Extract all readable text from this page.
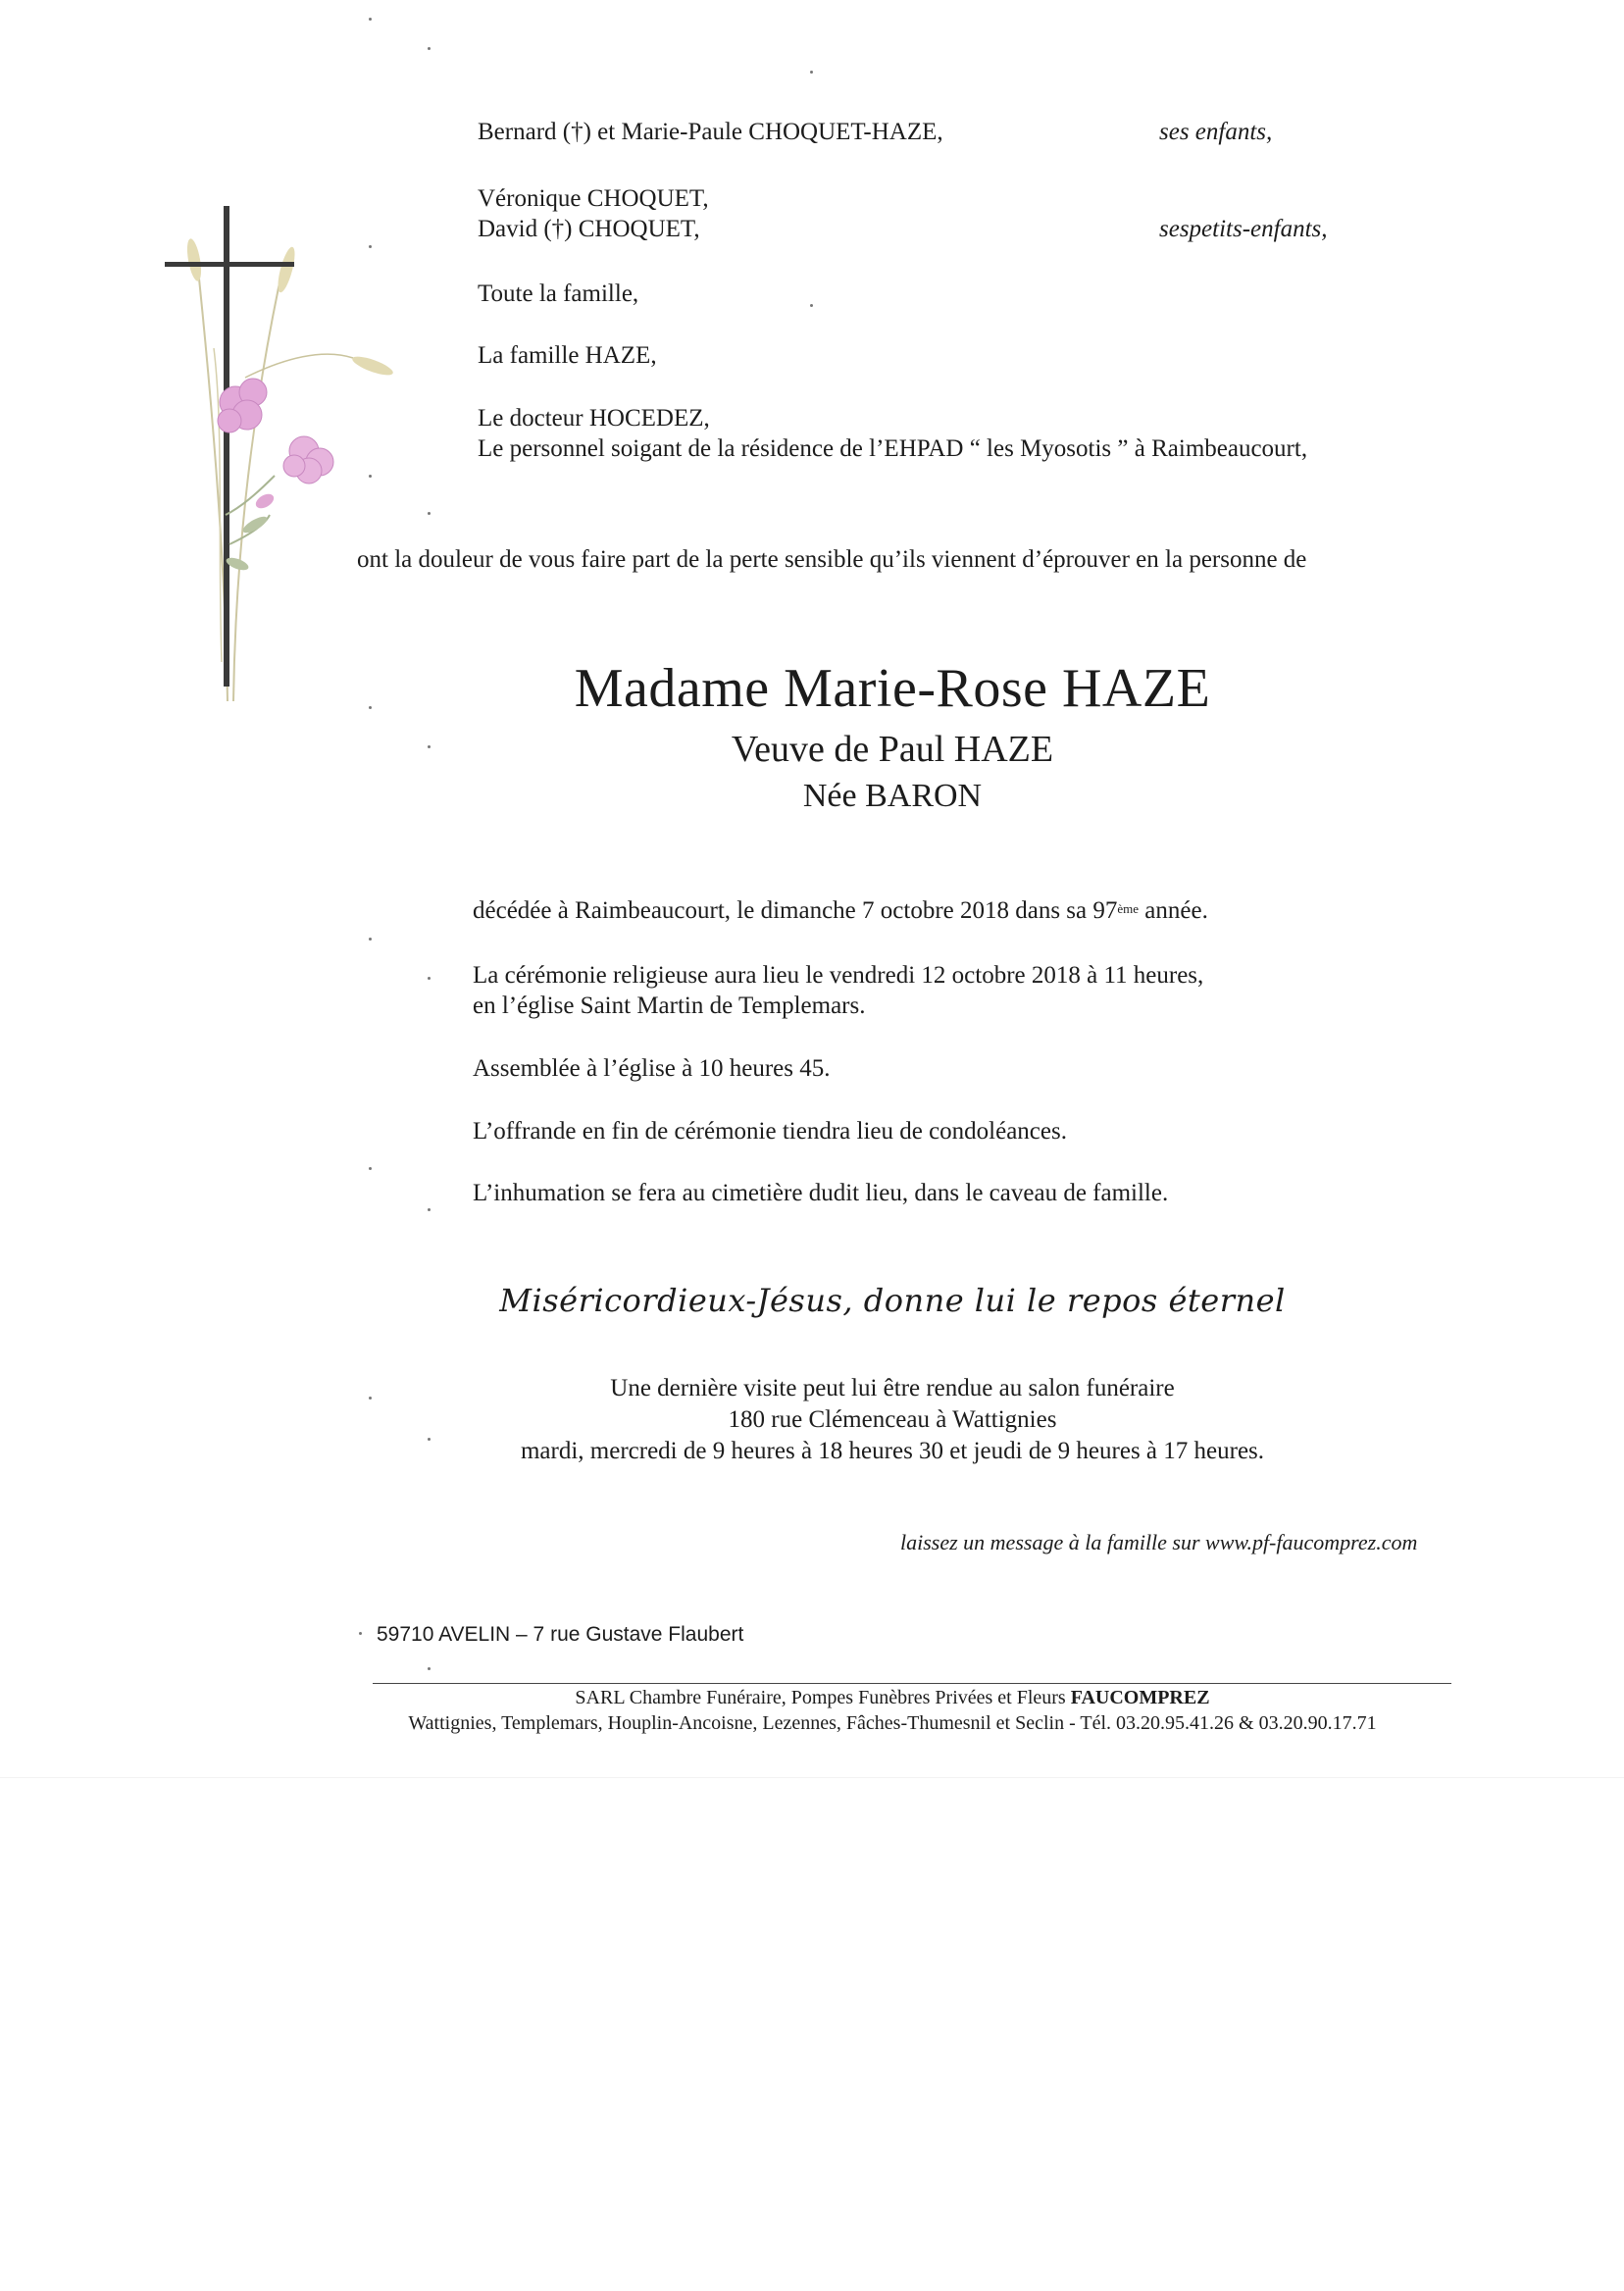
Bernard (†) et Marie-Paule CHOQUET-HAZE,	ses enfants,
Véronique CHOQUET,
David (†) CHOQUET,	sespetits-enfants,
Toute la famille,
La famille HAZE,
Le docteur HOCEDEZ,
Le personnel soigant de la résidence de l’EHPAD “ les Myosotis ” à Raimbeaucourt,
ont la douleur de vous faire part de la perte sensible qu’ils viennent d’éprouver en la personne de
Madame Marie-Rose HAZE
Veuve de Paul HAZE
Née BARON
décédée à Raimbeaucourt, le dimanche 7 octobre 2018 dans sa 97ème année.
La cérémonie religieuse aura lieu le vendredi 12 octobre 2018 à 11 heures,
en l’église Saint Martin de Templemars.
Assemblée à l’église à 10 heures 45.
L’offrande en fin de cérémonie tiendra lieu de condoléances.
L’inhumation se fera au cimetière dudit lieu, dans le caveau de famille.
Miséricordieux-Jésus, donne lui le repos éternel
Une dernière visite peut lui être rendue au salon funéraire
180 rue Clémenceau à Wattignies
mardi, mercredi de 9 heures à 18 heures 30 et jeudi de 9 heures à 17 heures.
laissez un message à la famille sur www.pf-faucomprez.com
59710 AVELIN – 7 rue Gustave Flaubert
SARL Chambre Funéraire, Pompes Funèbres Privées et Fleurs FAUCOMPREZ
Wattignies, Templemars, Houplin-Ancoisne, Lezennes, Fâches-Thumesnil et Seclin - Tél. 03.20.95.41.26 & 03.20.90.17.71
